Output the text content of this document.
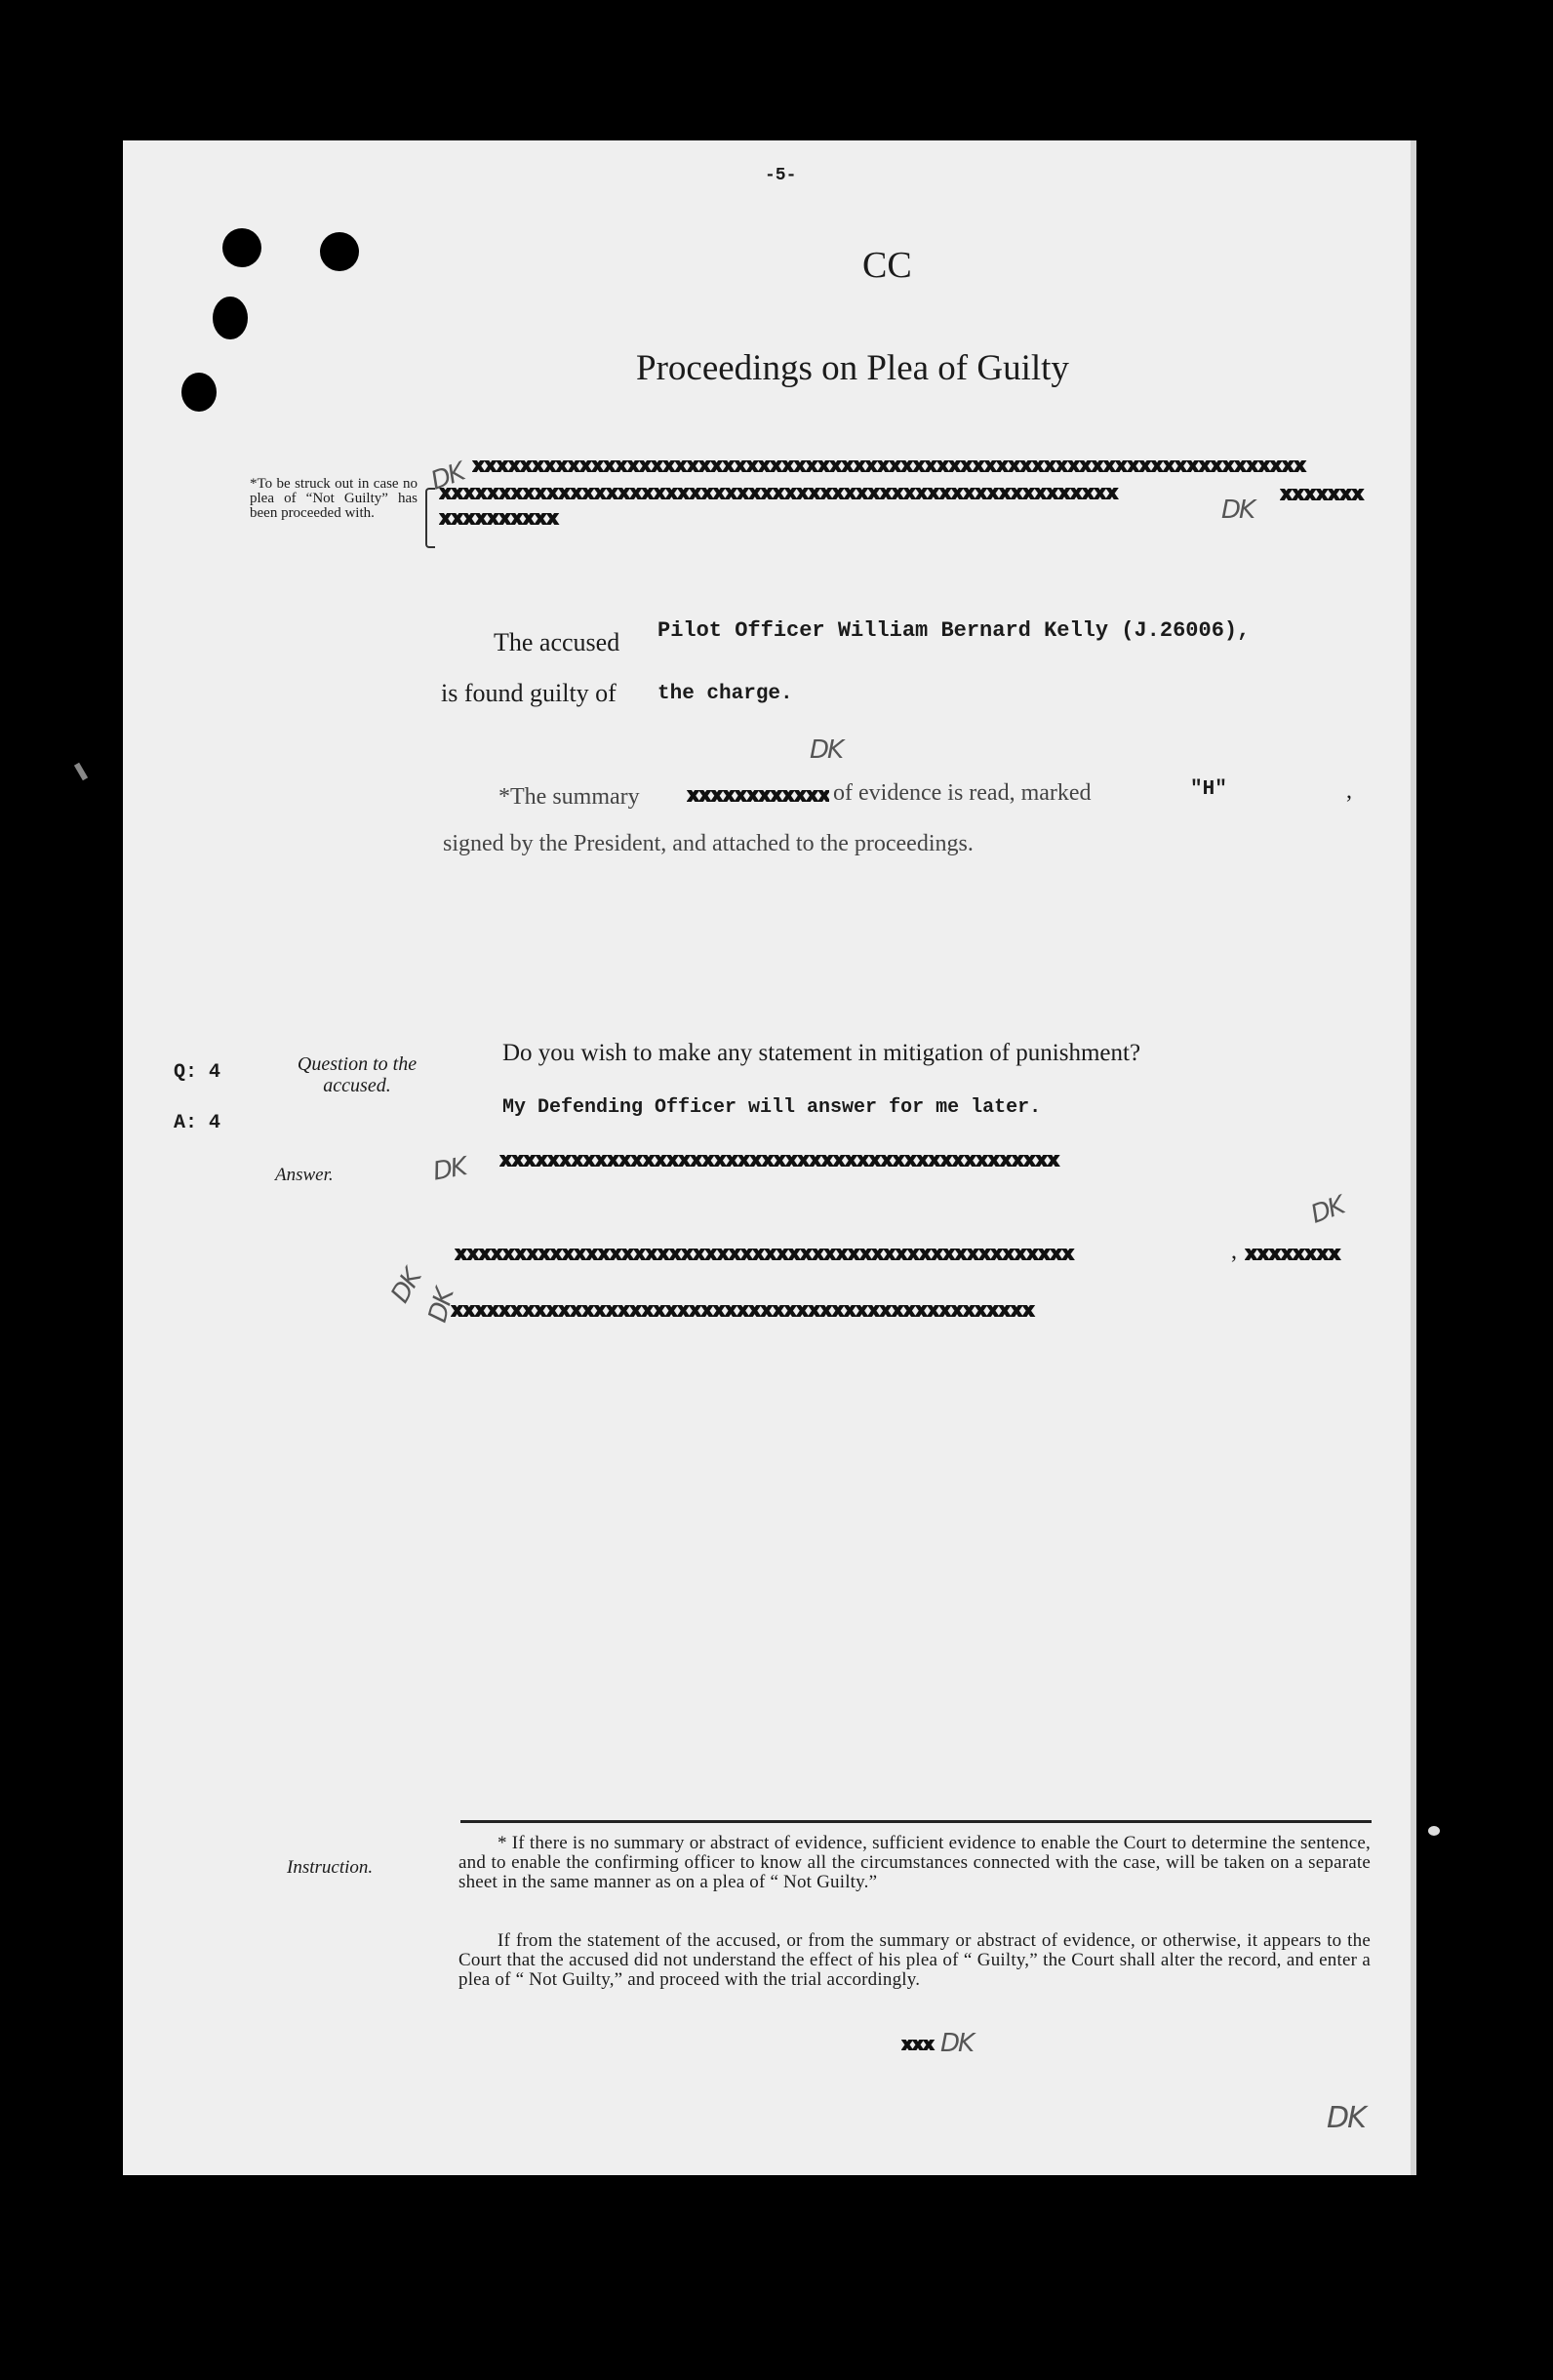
-5-
CC
Proceedings on Plea of Guilty
*To be struck out in case no plea of “Not Guilty” has been proceeded with.
xxxxxxxxxxxxxxxxxxxxxxxxxxxxxxxxxxxxxxxxxxxxxxxxxxxxxxxxxxxxxxxxxxxxxx
xxxxxxxxxxxxxxxxxxxxxxxxxxxxxxxxxxxxxxxxxxxxxxxxxxxxxxxxx	xxxxxxx
xxxxxxxxxx
The accused Pilot Officer William Bernard Kelly (J.26006),
is found guilty of the charge.
*The summary xxxxxxxxxxxx of evidence is read, marked	"H"	,
signed by the President, and attached to the proceedings.
Q: 4	Question to the accused.
Do you wish to make any statement in mitigation of punishment?
A: 4
My Defending Officer will answer for me later.
Answer.
xxxxxxxxxxxxxxxxxxxxxxxxxxxxxxxxxxxxxxxxxxxxxxx
xxxxxxxxxxxxxxxxxxxxxxxxxxxxxxxxxxxxxxxxxxxxxxxxxxxx	, xxxxxxxx
xxxxxxxxxxxxxxxxxxxxxxxxxxxxxxxxxxxxxxxxxxxxxxxxx
Instruction.
* If there is no summary or abstract of evidence, sufficient evidence to enable the Court to determine the sentence, and to enable the confirming officer to know all the circumstances connected with the case, will be taken on a separate sheet in the same manner as on a plea of “ Not Guilty.”
If from the statement of the accused, or from the summary or abstract of evidence, or otherwise, it appears to the Court that the accused did not understand the effect of his plea of “ Guilty,” the Court shall alter the record, and enter a plea of “ Not Guilty,” and proceed with the trial accordingly.
xxx
DK
DK
DK
DK
DK
DK
DK
DK
DK
